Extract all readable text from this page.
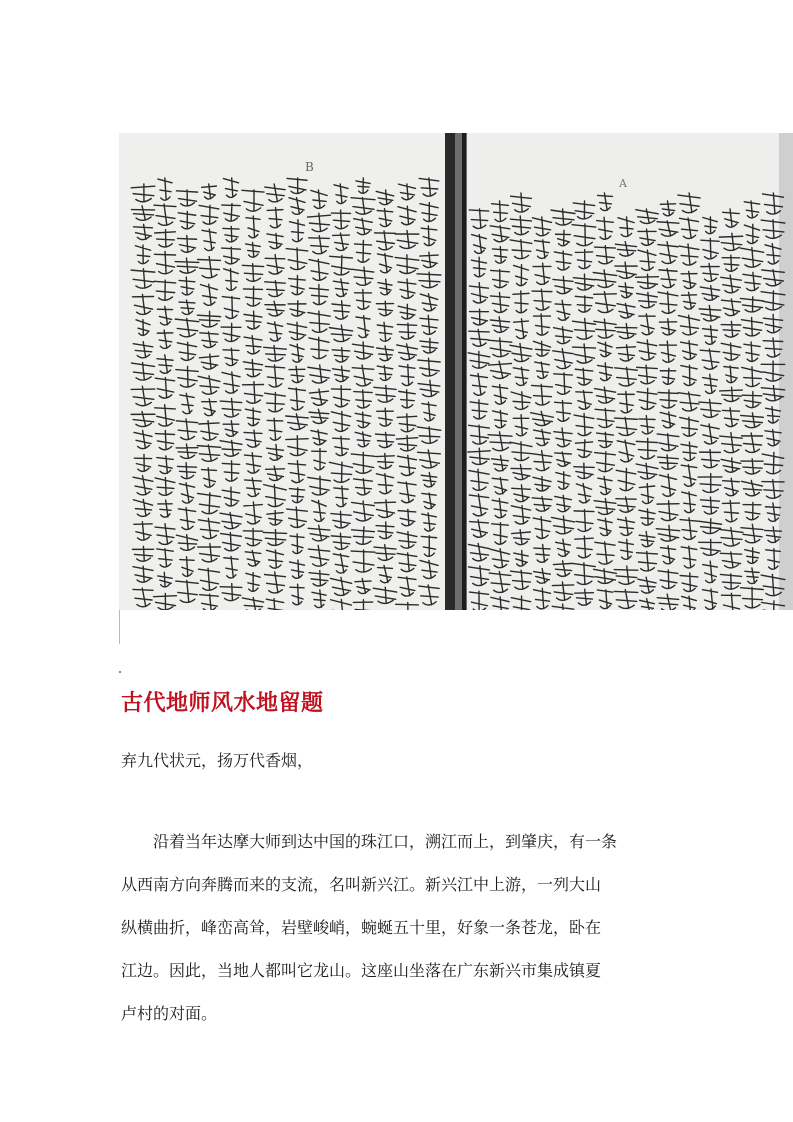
B
A
古代地师风水地留题
弃九代状元，扬万代香烟，
　　沿着当年达摩大师到达中国的珠江口，溯江而上，到肇庆，有一条
从西南方向奔腾而来的支流，名叫新兴江。新兴江中上游，一列大山
纵横曲折，峰峦高耸，岩壁峻峭，蜿蜒五十里，好象一条苍龙，卧在
江边。因此，当地人都叫它龙山。这座山坐落在广东新兴市集成镇夏
卢村的对面。
